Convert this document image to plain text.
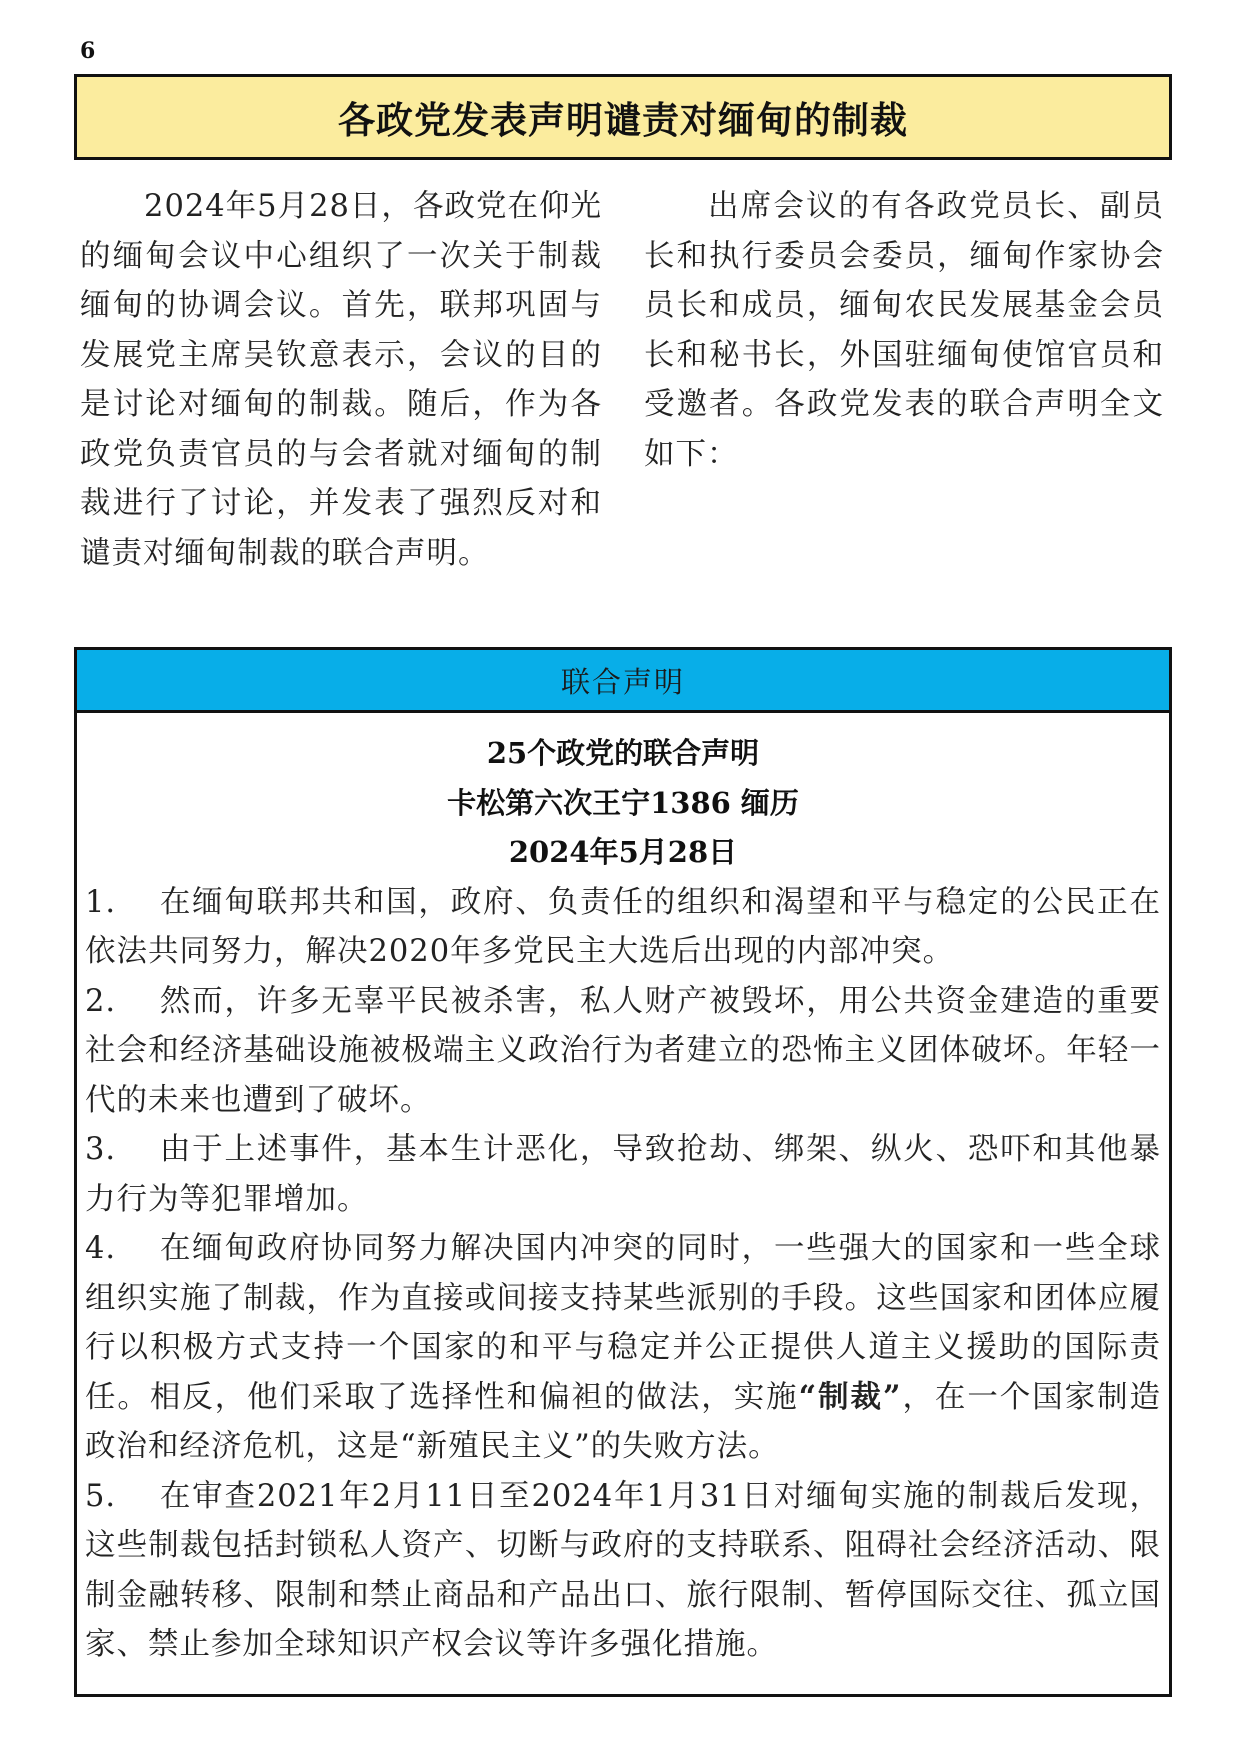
6
各政党发表声明谴责对缅甸的制裁

2024年5月28日，各政党在仰光的缅甸会议中心组织了一次关于制裁缅甸的协调会议。首先，联邦巩固与发展党主席吴钦意表示，会议的目的是讨论对缅甸的制裁。随后，作为各政党负责官员的与会者就对缅甸的制裁进行了讨论，并发表了强烈反对和谴责对缅甸制裁的联合声明。

出席会议的有各政党员长、副员长和执行委员会委员，缅甸作家协会员长和成员，缅甸农民发展基金会员长和秘书长，外国驻缅甸使馆官员和受邀者。各政党发表的联合声明全文如下：

联合声明
25个政党的联合声明
卡松第六次王宁1386 缅历
2024年5月28日

1. 在缅甸联邦共和国，政府、负责任的组织和渴望和平与稳定的公民正在依法共同努力，解决2020年多党民主大选后出现的内部冲突。

2. 然而，许多无辜平民被杀害，私人财产被毁坏，用公共资金建造的重要社会和经济基础设施被极端主义政治行为者建立的恐怖主义团体破坏。年轻一代的未来也遭到了破坏。

3. 由于上述事件，基本生计恶化，导致抢劫、绑架、纵火、恐吓和其他暴力行为等犯罪增加。

4. 在缅甸政府协同努力解决国内冲突的同时，一些强大的国家和一些全球组织实施了制裁，作为直接或间接支持某些派别的手段。这些国家和团体应履行以积极方式支持一个国家的和平与稳定并公正提供人道主义援助的国际责任。相反，他们采取了选择性和偏袒的做法，实施“制裁”，在一个国家制造政治和经济危机，这是“新殖民主义”的失败方法。

5. 在审查2021年2月11日至2024年1月31日对缅甸实施的制裁后发现，这些制裁包括封锁私人资产、切断与政府的支持联系、阻碍社会经济活动、限制金融转移、限制和禁止商品和产品出口、旅行限制、暂停国际交往、孤立国家、禁止参加全球知识产权会议等许多强化措施。
